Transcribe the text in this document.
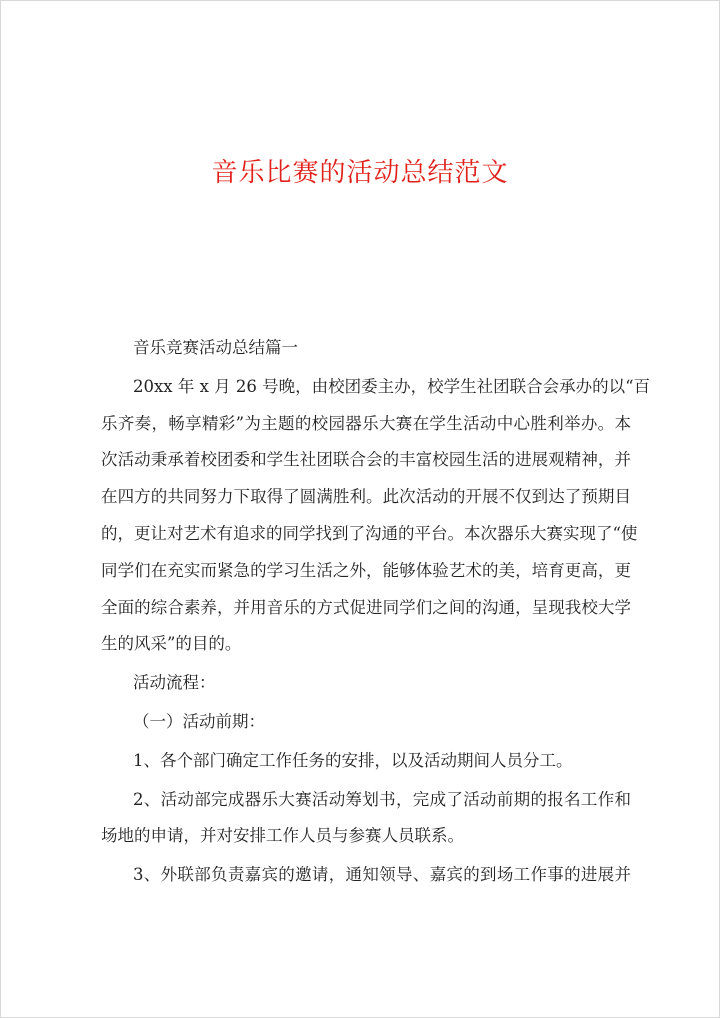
音乐比赛的活动总结范文
音乐竞赛活动总结篇一
20xx 年 x 月 26 号晚，由校团委主办，校学生社团联合会承办的以“百
乐齐奏，畅享精彩”为主题的校园器乐大赛在学生活动中心胜利举办。本
次活动秉承着校团委和学生社团联合会的丰富校园生活的进展观精神，并
在四方的共同努力下取得了圆满胜利。此次活动的开展不仅到达了预期目
的，更让对艺术有追求的同学找到了沟通的平台。本次器乐大赛实现了“使
同学们在充实而紧急的学习生活之外，能够体验艺术的美，培育更高，更
全面的综合素养，并用音乐的方式促进同学们之间的沟通，呈现我校大学
生的风采”的目的。
活动流程：
（一）活动前期：
1、各个部门确定工作任务的安排，以及活动期间人员分工。
2、活动部完成器乐大赛活动筹划书，完成了活动前期的报名工作和
场地的申请，并对安排工作人员与参赛人员联系。
3、外联部负责嘉宾的邀请，通知领导、嘉宾的到场工作事的进展并
